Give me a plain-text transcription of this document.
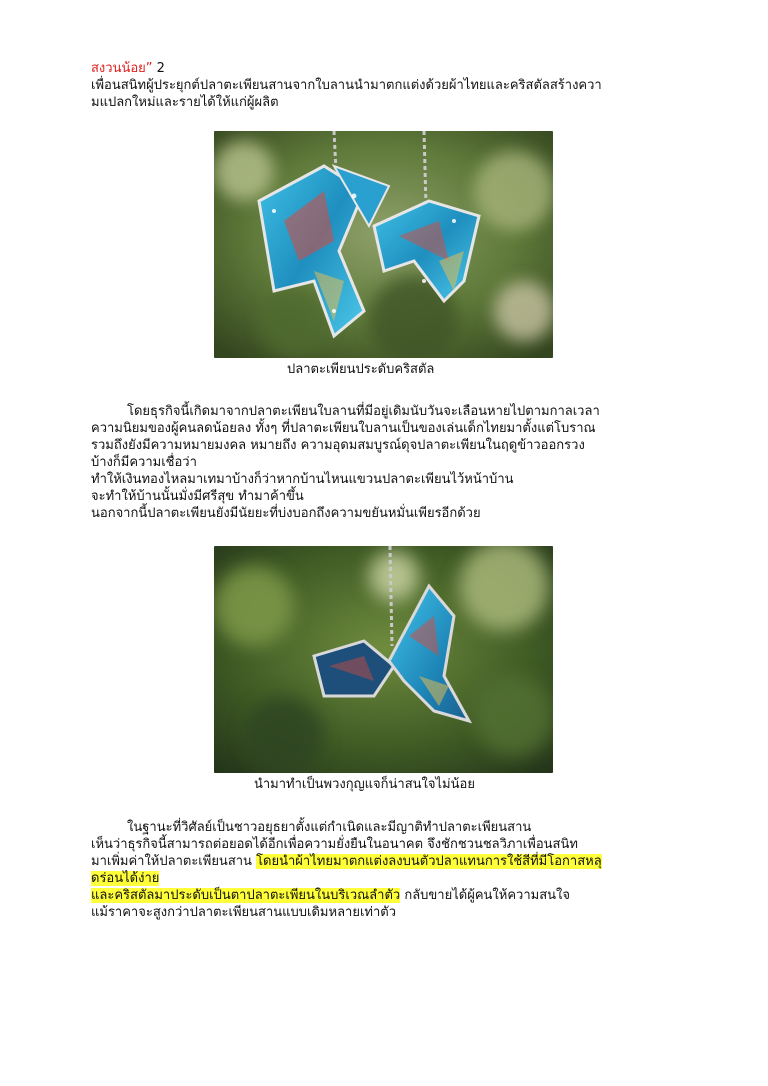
สงวนน้อย” 2
เพื่อนสนิทผู้ประยุกต์ปลาตะเพียนสานจากใบลานนำมาตกแต่งด้วยผ้าไทยและคริสตัลสร้างควา
มแปลกใหม่และรายได้ให้แก่ผู้ผลิต
ปลาตะเพียนประดับคริสตัล
โดยธุรกิจนี้เกิดมาจากปลาตะเพียนใบลานที่มีอยู่เดิมนับวันจะเลือนหายไปตามกาลเวลา
ความนิยมของผู้คนลดน้อยลง ทั้งๆ ที่ปลาตะเพียนใบลานเป็นของเล่นเด็กไทยมาตั้งแต่โบราณ
รวมถึงยังมีความหมายมงคล หมายถึง ความอุดมสมบูรณ์ดุจปลาตะเพียนในฤดูข้าวออกรวง
บ้างก็มีความเชื่อว่า
ทำให้เงินทองไหลมาเทมาบ้างก็ว่าหากบ้านไหนแขวนปลาตะเพียนไว้หน้าบ้าน
จะทำให้บ้านนั้นมั่งมีศรีสุข ทำมาค้าขึ้น
นอกจากนี้ปลาตะเพียนยังมีนัยยะที่บ่งบอกถึงความขยันหมั่นเพียรอีกด้วย
นำมาทำเป็นพวงกุญแจก็น่าสนใจไม่น้อย
ในฐานะที่วิศัลย์เป็นชาวอยุธยาตั้งแต่กำเนิดและมีญาติทำปลาตะเพียนสาน
เห็นว่าธุรกิจนี้สามารถต่อยอดได้อีกเพื่อความยั่งยืนในอนาคต จึงชักชวนชลวิภาเพื่อนสนิท
มาเพิ่มค่าให้ปลาตะเพียนสาน โดยนำผ้าไทยมาตกแต่งลงบนตัวปลาแทนการใช้สีที่มีโอกาสหลุ
ดร่อนได้ง่าย
และคริสตัลมาประดับเป็นตาปลาตะเพียนในบริเวณลำตัว กลับขายได้ผู้คนให้ความสนใจ
แม้ราคาจะสูงกว่าปลาตะเพียนสานแบบเดิมหลายเท่าตัว
